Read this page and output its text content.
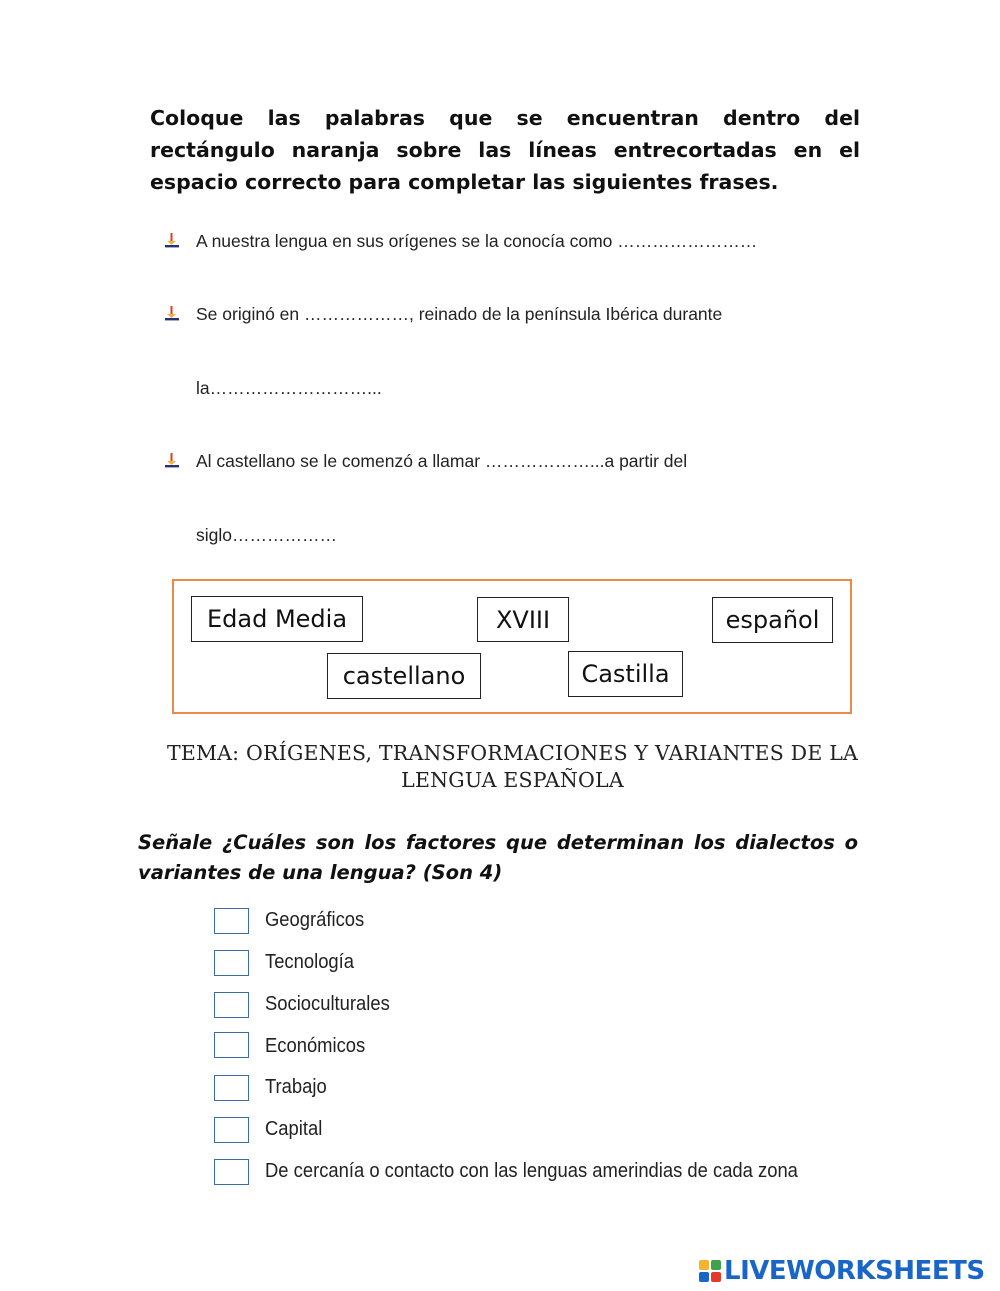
Coloque las palabras que se encuentran dentro del rectángulo naranja sobre las líneas entrecortadas en el espacio correcto para completar las siguientes frases.
A nuestra lengua en sus orígenes se la conocía como ……………………
Se originó en ………………, reinado de la península Ibérica durante
la………………………...
Al castellano se le comenzó a llamar ………………...a partir del
siglo………………
Edad Media	XVIII	español
castellano	Castilla
TEMA: ORÍGENES, TRANSFORMACIONES Y VARIANTES DE LA
LENGUA ESPAÑOLA
Señale ¿Cuáles son los factores que determinan los dialectos o variantes de una lengua? (Son 4)
Geográficos
Tecnología
Socioculturales
Económicos
Trabajo
Capital
De cercanía o contacto con las lenguas amerindias de cada zona
LIVEWORKSHEETS
